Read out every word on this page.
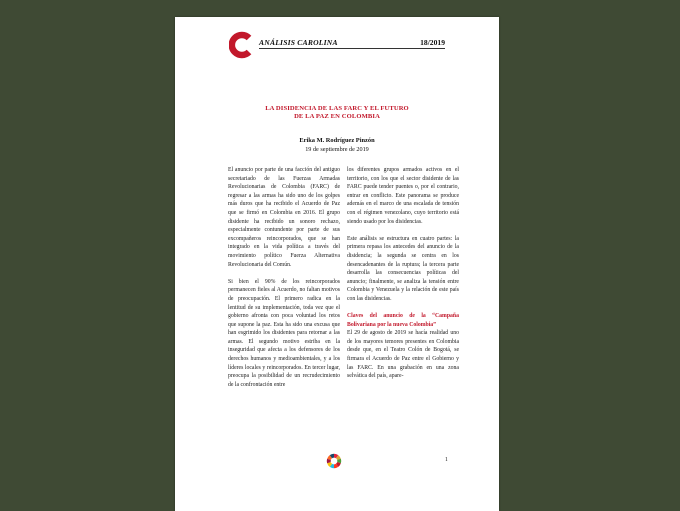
ANÁLISIS CAROLINA	18/2019
LA DISIDENCIA DE LAS FARC Y EL FUTURO
DE LA PAZ EN COLOMBIA
Erika M. Rodríguez Pinzón
19 de septiembre de 2019

El anuncio por parte de una facción del antiguo secretariado de las Fuerzas Armadas Revolucionarias de Colombia (FARC) de regresar a las armas ha sido uno de los golpes más duros que ha recibido el Acuerdo de Paz que se firmó en Colombia en 2016. El grupo disidente ha recibido un sonoro rechazo, especialmente contundente por parte de sus excompañeros reincorporados, que se han integrado en la vida política a través del movimiento político Fuerza Alternativa Revolucionaria del Común.

Si bien el 90% de los reincorporados permanecen fieles al Acuerdo, no faltan motivos de preocupación. El primero radica en la lentitud de su implementación, toda vez que el gobierno afronta con poca voluntad los retos que supone la paz. Esta ha sido una excusa que han esgrimido los disidentes para retornar a las armas. El segundo motivo estriba en la inseguridad que afecta a los defensores de los derechos humanos y medioambientales, y a los líderes locales y reincorporados. En tercer lugar, preocupa la posibilidad de un recrudecimiento de la confrontación entre

los diferentes grupos armados activos en el territorio, con los que el sector disidente de las FARC puede tender puentes o, por el contrario, entrar en conflicto. Este panorama se produce además en el marco de una escalada de tensión con el régimen venezolano, cuyo territorio está siendo usado por los disidencias.

Este análisis se estructura en cuatro partes: la primera repasa los antecedes del anuncio de la disidencia; la segunda se centra en los desencadenantes de la ruptura; la tercera parte desarrolla las consecuencias políticas del anuncio; finalmente, se analiza la tensión entre Colombia y Venezuela y la relación de este país con las disidencias.

Claves del anuncio de la “Campaña Bolivariana por la nueva Colombia”

El 29 de agosto de 2019 se hacía realidad uno de los mayores temores presentes en Colombia desde que, en el Teatro Colón de Bogotá, se firmara el Acuerdo de Paz entre el Gobierno y las FARC. En una grabación en una zona selvática del país, apare-

1
